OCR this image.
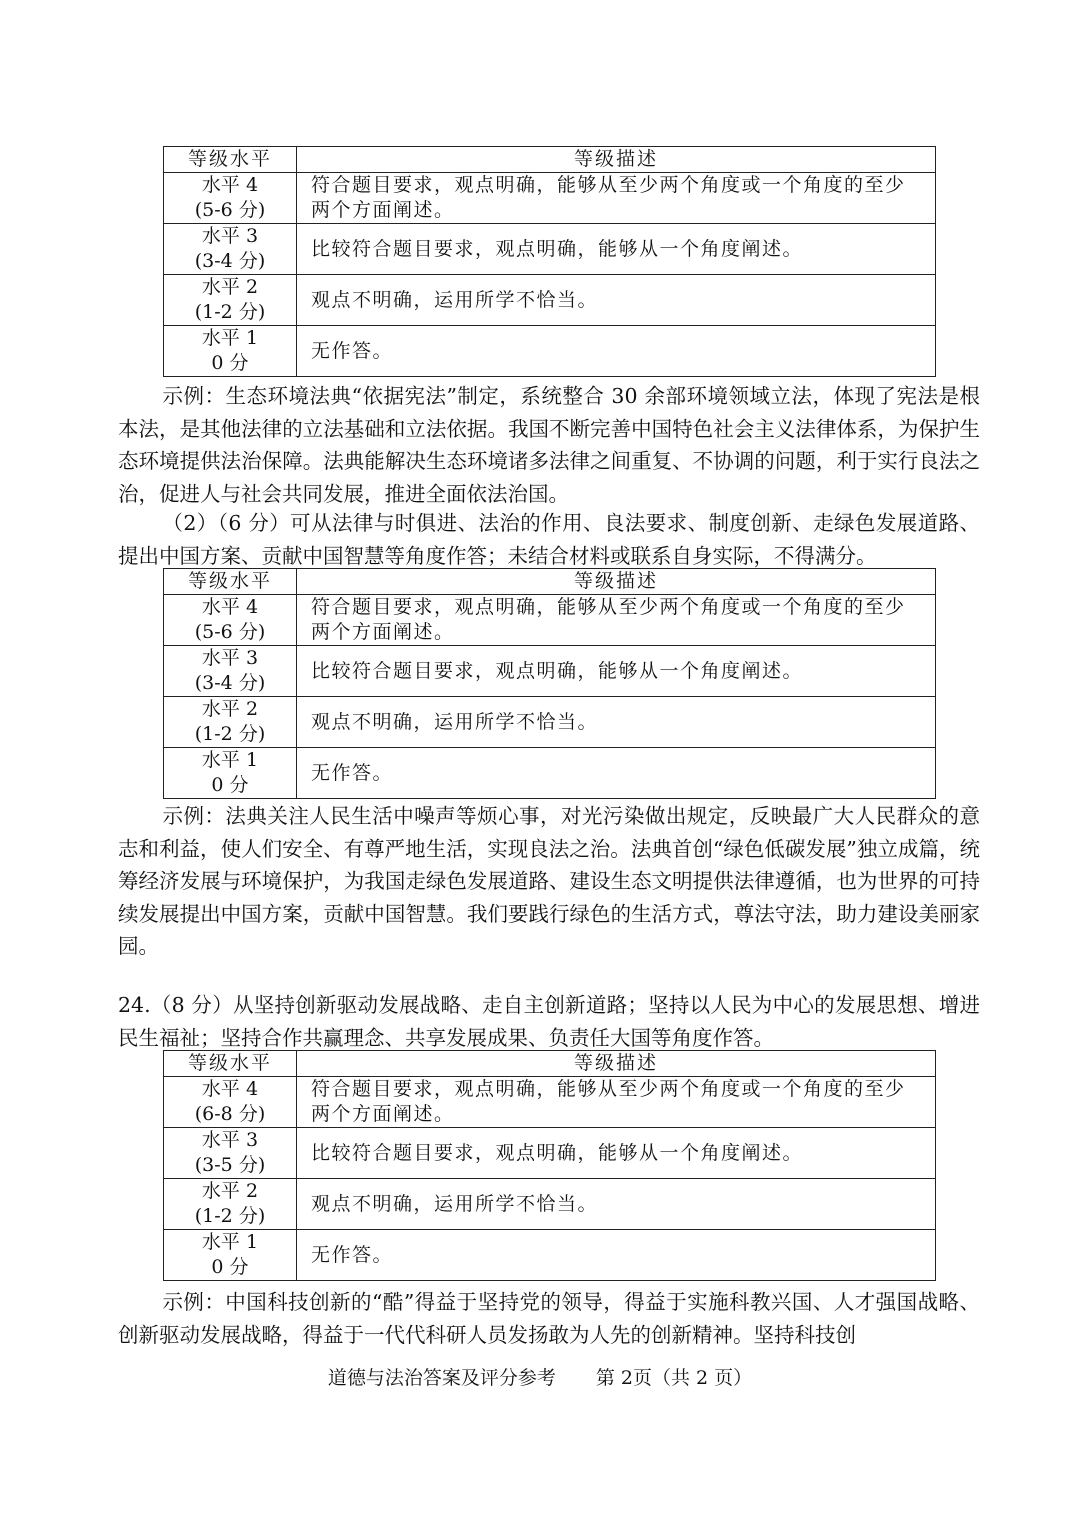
等级水平	等级描述

水平 4
(5-6 分)	符合题目要求，观点明确，能够从至少两个角度或一个角度的至少两个方面阐述。

水平 3
(3-4 分)	比较符合题目要求，观点明确，能够从一个角度阐述。

水平 2
(1-2 分)	观点不明确，运用所学不恰当。

水平 1
0 分	无作答。

示例：生态环境法典“依据宪法”制定，系统整合 30 余部环境领域立法，体现了宪法是根本法，是其他法律的立法基础和立法依据。我国不断完善中国特色社会主义法律体系，为保护生态环境提供法治保障。法典能解决生态环境诸多法律之间重复、不协调的问题，利于实行良法之治，促进人与社会共同发展，推进全面依法治国。

（2）（6 分）可从法律与时俱进、法治的作用、良法要求、制度创新、走绿色发展道路、提出中国方案、贡献中国智慧等角度作答；未结合材料或联系自身实际，不得满分。

等级水平	等级描述

水平 4
(5-6 分)	符合题目要求，观点明确，能够从至少两个角度或一个角度的至少两个方面阐述。

水平 3
(3-4 分)	比较符合题目要求，观点明确，能够从一个角度阐述。

水平 2
(1-2 分)	观点不明确，运用所学不恰当。

水平 1
0 分	无作答。

示例：法典关注人民生活中噪声等烦心事，对光污染做出规定，反映最广大人民群众的意志和利益，使人们安全、有尊严地生活，实现良法之治。法典首创“绿色低碳发展”独立成篇，统筹经济发展与环境保护，为我国走绿色发展道路、建设生态文明提供法律遵循，也为世界的可持续发展提出中国方案，贡献中国智慧。我们要践行绿色的生活方式，尊法守法，助力建设美丽家园。

24.（8 分）从坚持创新驱动发展战略、走自主创新道路；坚持以人民为中心的发展思想、增进民生福祉；坚持合作共赢理念、共享发展成果、负责任大国等角度作答。

等级水平	等级描述

水平 4
(6-8 分)	符合题目要求，观点明确，能够从至少两个角度或一个角度的至少两个方面阐述。

水平 3
(3-5 分)	比较符合题目要求，观点明确，能够从一个角度阐述。

水平 2
(1-2 分)	观点不明确，运用所学不恰当。

水平 1
0 分	无作答。

示例：中国科技创新的“酷”得益于坚持党的领导，得益于实施科教兴国、人才强国战略、创新驱动发展战略，得益于一代代科研人员发扬敢为人先的创新精神。坚持科技创

道德与法治答案及评分参考 第 2页（共 2 页）
